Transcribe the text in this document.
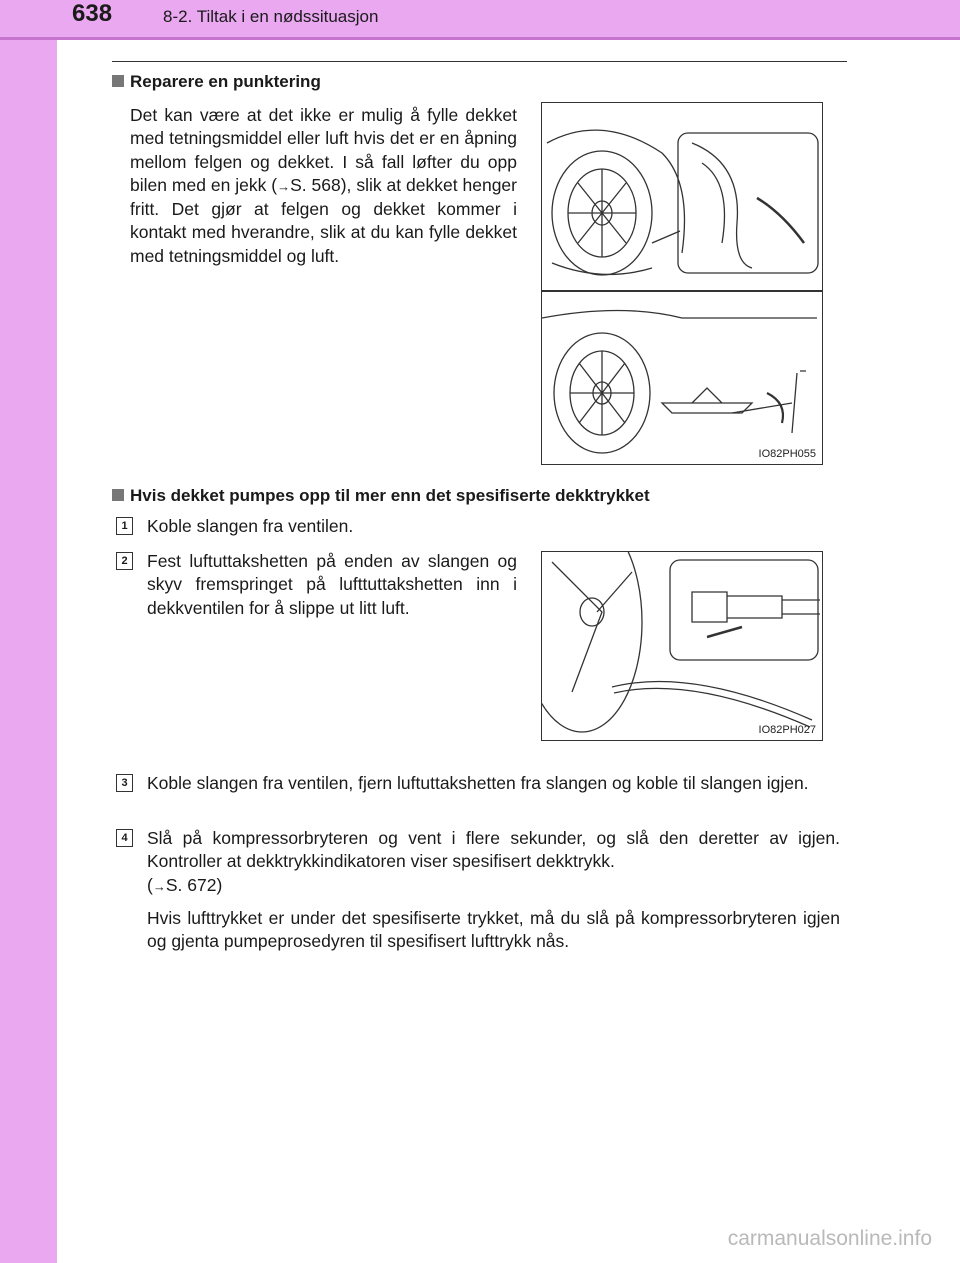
638	8-2. Tiltak i en nødssituasjon
Reparere en punktering
Det kan være at det ikke er mulig å fylle dekket med tetningsmiddel eller luft hvis det er en åpning mellom felgen og dekket. I så fall løfter du opp bilen med en jekk (→S. 568), slik at dekket henger fritt. Det gjør at felgen og dekket kommer i kontakt med hverandre, slik at du kan fylle dekket med tetningsmiddel og luft.
IO82PH055
Hvis dekket pumpes opp til mer enn det spesifiserte dekktrykket
1	Koble slangen fra ventilen.
2	Fest luftuttakshetten på enden av slangen og skyv fremspringet på lufttuttakshetten inn i dekkventilen for å slippe ut litt luft.
IO82PH027
3	Koble slangen fra ventilen, fjern luftuttakshetten fra slangen og koble til slangen igjen.
4	Slå på kompressorbryteren og vent i flere sekunder, og slå den deretter av igjen. Kontroller at dekktrykkindikatoren viser spesifisert dekktrykk.
(→S. 672)
Hvis lufttrykket er under det spesifiserte trykket, må du slå på kompressorbryteren igjen og gjenta pumpeprosedyren til spesifisert lufttrykk nås.
carmanualsonline.info
